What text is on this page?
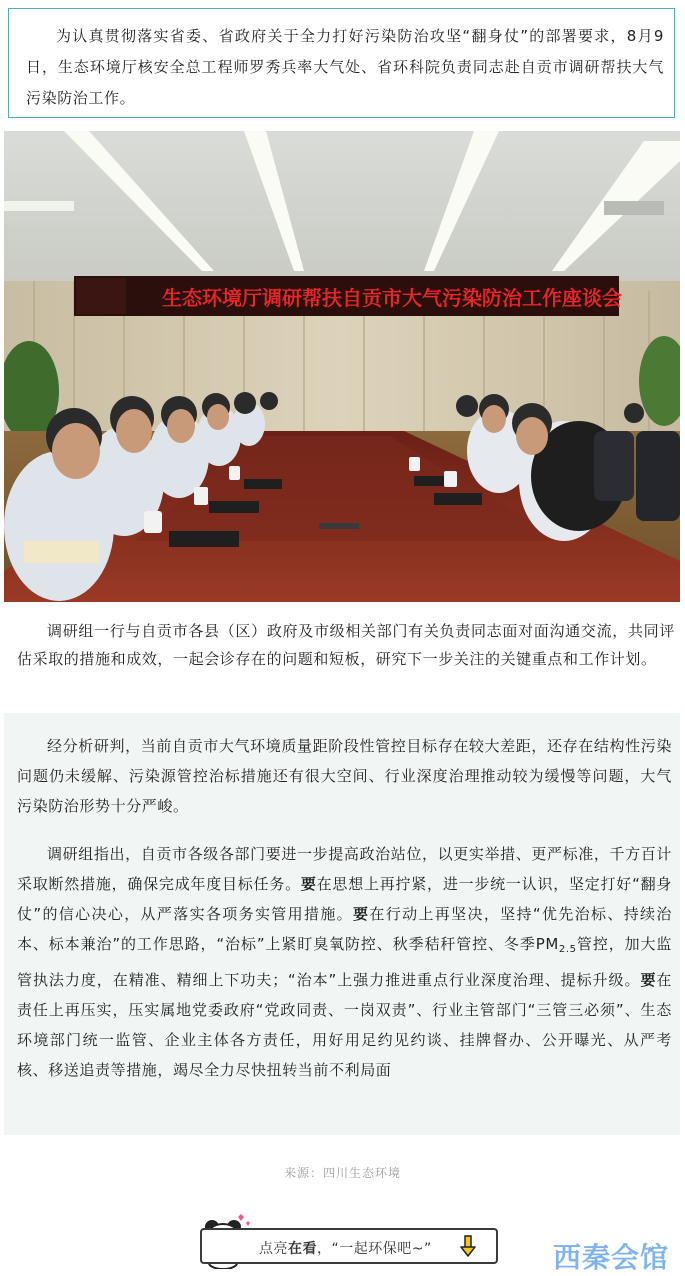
为认真贯彻落实省委、省政府关于全力打好污染防治攻坚“翻身仗”的部署要求，8月9日，生态环境厅核安全总工程师罗秀兵率大气处、省环科院负责同志赴自贡市调研帮扶大气污染防治工作。

生态环境厅调研帮扶自贡市大气污染防治工作座谈会

调研组一行与自贡市各县（区）政府及市级相关部门有关负责同志面对面沟通交流，共同评估采取的措施和成效，一起会诊存在的问题和短板，研究下一步关注的关键重点和工作计划。

经分析研判，当前自贡市大气环境质量距阶段性管控目标存在较大差距，还存在结构性污染问题仍未缓解、污染源管控治标措施还有很大空间、行业深度治理推动较为缓慢等问题，大气污染防治形势十分严峻。

调研组指出，自贡市各级各部门要进一步提高政治站位，以更实举措、更严标准，千方百计采取断然措施，确保完成年度目标任务。要在思想上再拧紧，进一步统一认识，坚定打好“翻身仗”的信心决心，从严落实各项务实管用措施。要在行动上再坚决，坚持“优先治标、持续治本、标本兼治”的工作思路，“治标”上紧盯臭氧防控、秋季秸秆管控、冬季$PM_{2.5}$管控，加大监管执法力度，在精准、精细上下功夫；“治本”上强力推进重点行业深度治理、提标升级。要在责任上再压实，压实属地党委政府“党政同责、一岗双责”、行业主管部门“三管三必须”、生态环境部门统一监管、企业主体各方责任，用好用足约见约谈、挂牌督办、公开曝光、从严考核、移送追责等措施，竭尽全力尽快扭转当前不利局面

来源：四川生态环境
点亮在看，“一起环保吧~”	西秦会馆
